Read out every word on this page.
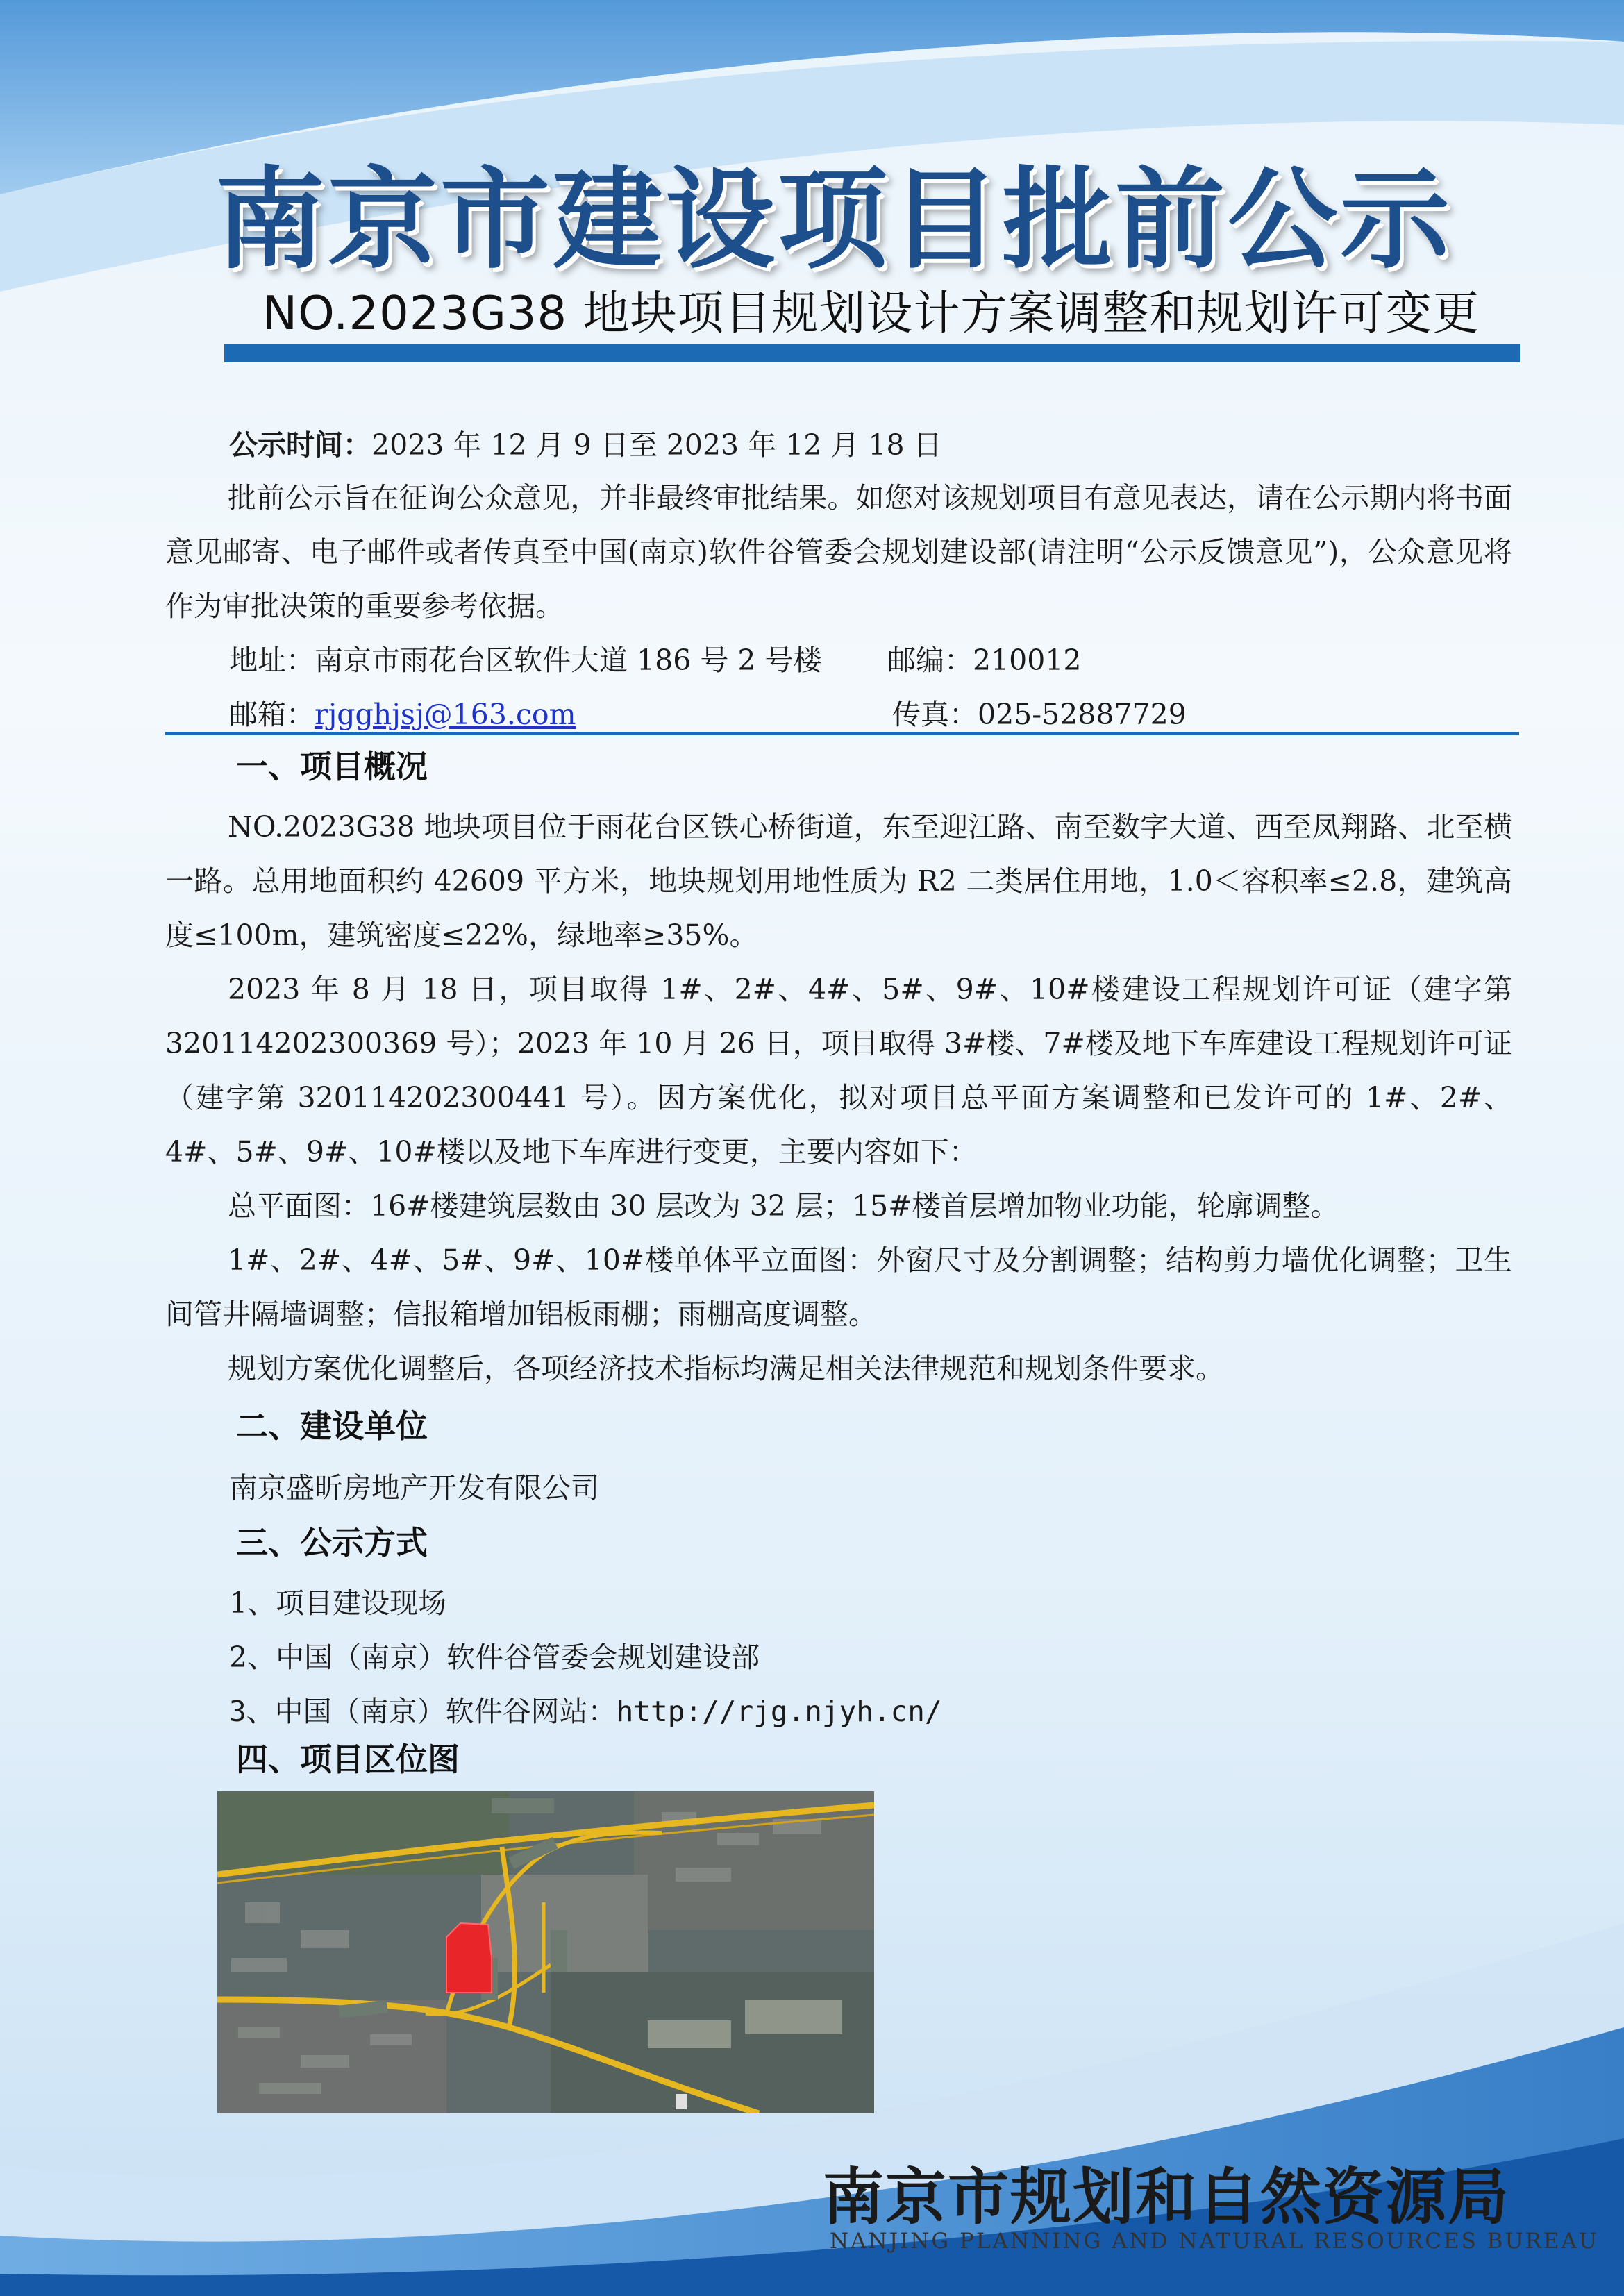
南京市建设项目批前公示
NO.2023G38 地块项目规划设计方案调整和规划许可变更
公示时间：2023 年 12 月 9 日至 2023 年 12 月 18 日
批前公示旨在征询公众意见，并非最终审批结果。如您对该规划项目有意见表达，请在公示期内将书面意见邮寄、电子邮件或者传真至中国(南京)软件谷管委会规划建设部(请注明“公示反馈意见”)，公众意见将作为审批决策的重要参考依据。
地址：南京市雨花台区软件大道 186 号 2 号楼 邮编：210012
邮箱：rjgghjsj@163.com	传真：025-52887729
一、项目概况
NO.2023G38 地块项目位于雨花台区铁心桥街道，东至迎江路、南至数字大道、西至凤翔路、北至横一路。总用地面积约 42609 平方米，地块规划用地性质为 R2 二类居住用地，1.0＜容积率≤2.8，建筑高度≤100m，建筑密度≤22%，绿地率≥35%。
2023 年 8 月 18 日，项目取得 1#、2#、4#、5#、9#、10#楼建设工程规划许可证（建字第 320114202300369 号）；2023 年 10 月 26 日，项目取得 3#楼、7#楼及地下车库建设工程规划许可证（建字第 320114202300441 号）。因方案优化，拟对项目总平面方案调整和已发许可的 1#、2#、4#、5#、9#、10#楼以及地下车库进行变更，主要内容如下：
总平面图：16#楼建筑层数由 30 层改为 32 层；15#楼首层增加物业功能，轮廓调整。
1#、2#、4#、5#、9#、10#楼单体平立面图：外窗尺寸及分割调整；结构剪力墙优化调整；卫生间管井隔墙调整；信报箱增加铝板雨棚；雨棚高度调整。
规划方案优化调整后，各项经济技术指标均满足相关法律规范和规划条件要求。
二、建设单位
南京盛昕房地产开发有限公司
三、公示方式
1、项目建设现场
2、中国（南京）软件谷管委会规划建设部
3、中国（南京）软件谷网站：http://rjg.njyh.cn/
四、项目区位图
南京市规划和自然资源局
NANJING PLANNING AND NATURAL RESOURCES BUREAU
